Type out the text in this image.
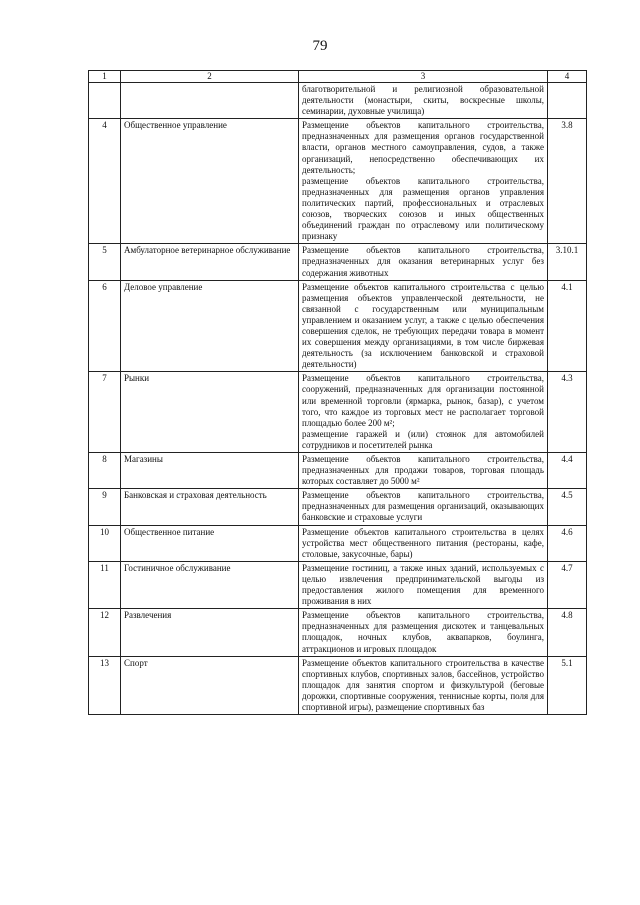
79
1	2	3	4

		благотворительной и религиозной образовательной деятельности (монастыри, скиты, воскресные школы, семинарии, духовные училища)	

4	Общественное управление	Размещение объектов капитального строительства, предназначенных для размещения органов государственной власти, органов местного самоуправления, судов, а также организаций, непосредственно обеспечивающих их деятельность;
размещение объектов капитального строительства, предназначенных для размещения органов управления политических партий, профессиональных и отраслевых союзов, творческих союзов и иных общественных объединений граждан по отраслевому или политическому признаку	3.8
5	Амбулаторное ветеринарное обслуживание	Размещение объектов капитального строительства, предназначенных для оказания ветеринарных услуг без содержания животных	3.10.1
6	Деловое управление	Размещение объектов капитального строительства с целью размещения объектов управленческой деятельности, не связанной с государственным или муниципальным управлением и оказанием услуг, а также с целью обеспечения совершения сделок, не требующих передачи товара в момент их совершения между организациями, в том числе биржевая деятельность (за исключением банковской и страховой деятельности)	4.1
7	Рынки	Размещение объектов капитального строительства, сооружений, предназначенных для организации постоянной или временной торговли (ярмарка, рынок, базар), с учетом того, что каждое из торговых мест не располагает торговой площадью более 200 м²;
размещение гаражей и (или) стоянок для автомобилей сотрудников и посетителей рынка	4.3
8	Магазины	Размещение объектов капитального строительства, предназначенных для продажи товаров, торговая площадь которых составляет до 5000 м²	4.4
9	Банковская и страховая деятельность	Размещение объектов капитального строительства, предназначенных для размещения организаций, оказывающих банковские и страховые услуги	4.5
10	Общественное питание	Размещение объектов капитального строительства в целях устройства мест общественного питания (рестораны, кафе, столовые, закусочные, бары)	4.6
11	Гостиничное обслуживание	Размещение гостиниц, а также иных зданий, используемых с целью извлечения предпринимательской выгоды из предоставления жилого помещения для временного проживания в них	4.7
12	Развлечения	Размещение объектов капитального строительства, предназначенных для размещения дискотек и танцевальных площадок, ночных клубов, аквапарков, боулинга, аттракционов и игровых площадок	4.8
13	Спорт	Размещение объектов капитального строительства в качестве спортивных клубов, спортивных залов, бассейнов, устройство площадок для занятия спортом и физкультурой (беговые дорожки, спортивные сооружения, теннисные корты, поля для спортивной игры), размещение спортивных баз	5.1
